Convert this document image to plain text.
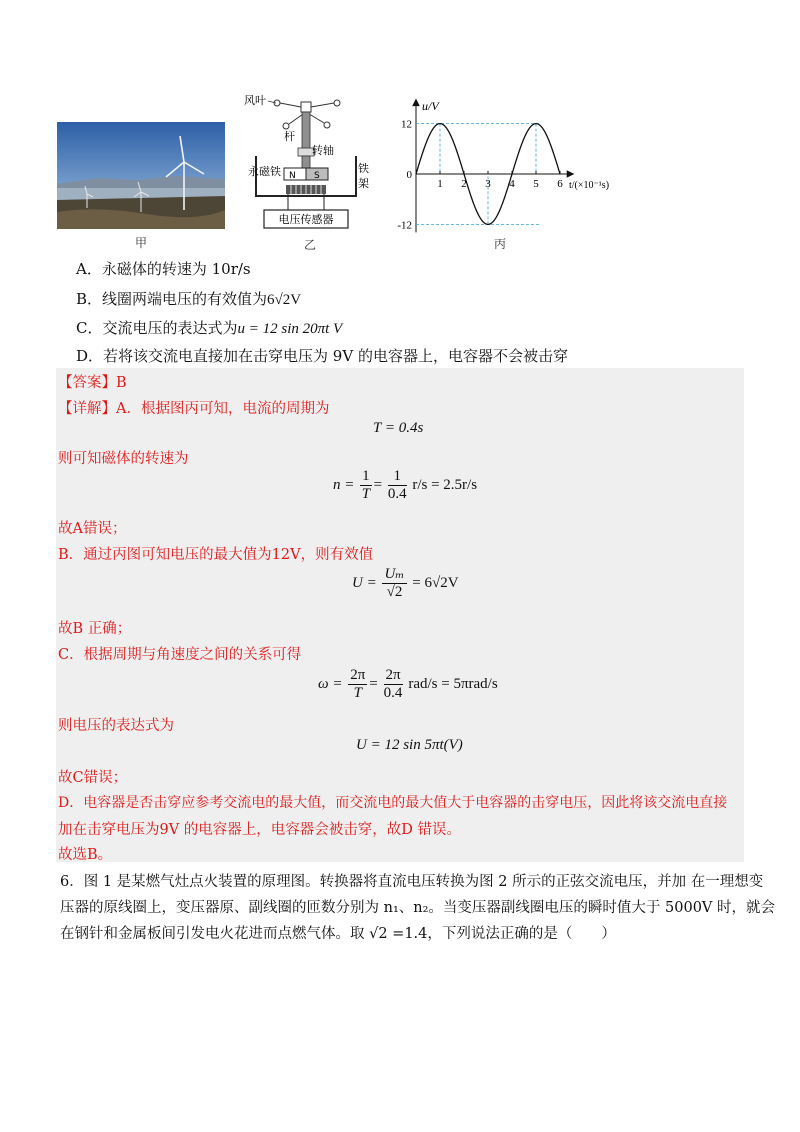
甲
N S
电压传感器
风叶
杆
转轴
永磁铁	铁
架
乙
1 2 3 4 5 6
12
0
-12
u/V
t/(×10⁻¹s)
丙
A．永磁体的转速为 10r/s
B．线圈两端电压的有效值为6√2V
C．交流电压的表达式为u = 12 sin 20πt V
D．若将该交流电直接加在击穿电压为 9V 的电容器上，电容器不会被击穿
【答案】B
【详解】A．根据图丙可知，电流的周期为
T = 0.4s
则可知磁体的转速为
$n = \frac{1}{T} = \frac{1}{0.4} r/s = 2.5r/s$
故A错误；
B．通过丙图可知电压的最大值为12V，则有效值
$U = \frac{\text{Uₘ}}{√2} = 6√2V$
故B 正确；
C．根据周期与角速度之间的关系可得
$\omega = \frac{2\pi}{T} = \frac{2\pi}{0.4} rad/s = 5\pi rad/s$
则电压的表达式为
U = 12 sin 5πt(V)
故C错误；
D．电容器是否击穿应参考交流电的最大值，而交流电的最大值大于电容器的击穿电压，因此将该交流电直接
加在击穿电压为9V 的电容器上，电容器会被击穿，故D 错误。
故选B。
6．图 1 是某燃气灶点火装置的原理图。转换器将直流电压转换为图 2 所示的正弦交流电压，并加 在一理想变
压器的原线圈上，变压器原、副线圈的匝数分别为 n₁、n₂。当变压器副线圈电压的瞬时值大于 5000V 时，就会
在钢针和金属板间引发电火花进而点燃气体。取 √2 =1.4，下列说法正确的是（　　）
